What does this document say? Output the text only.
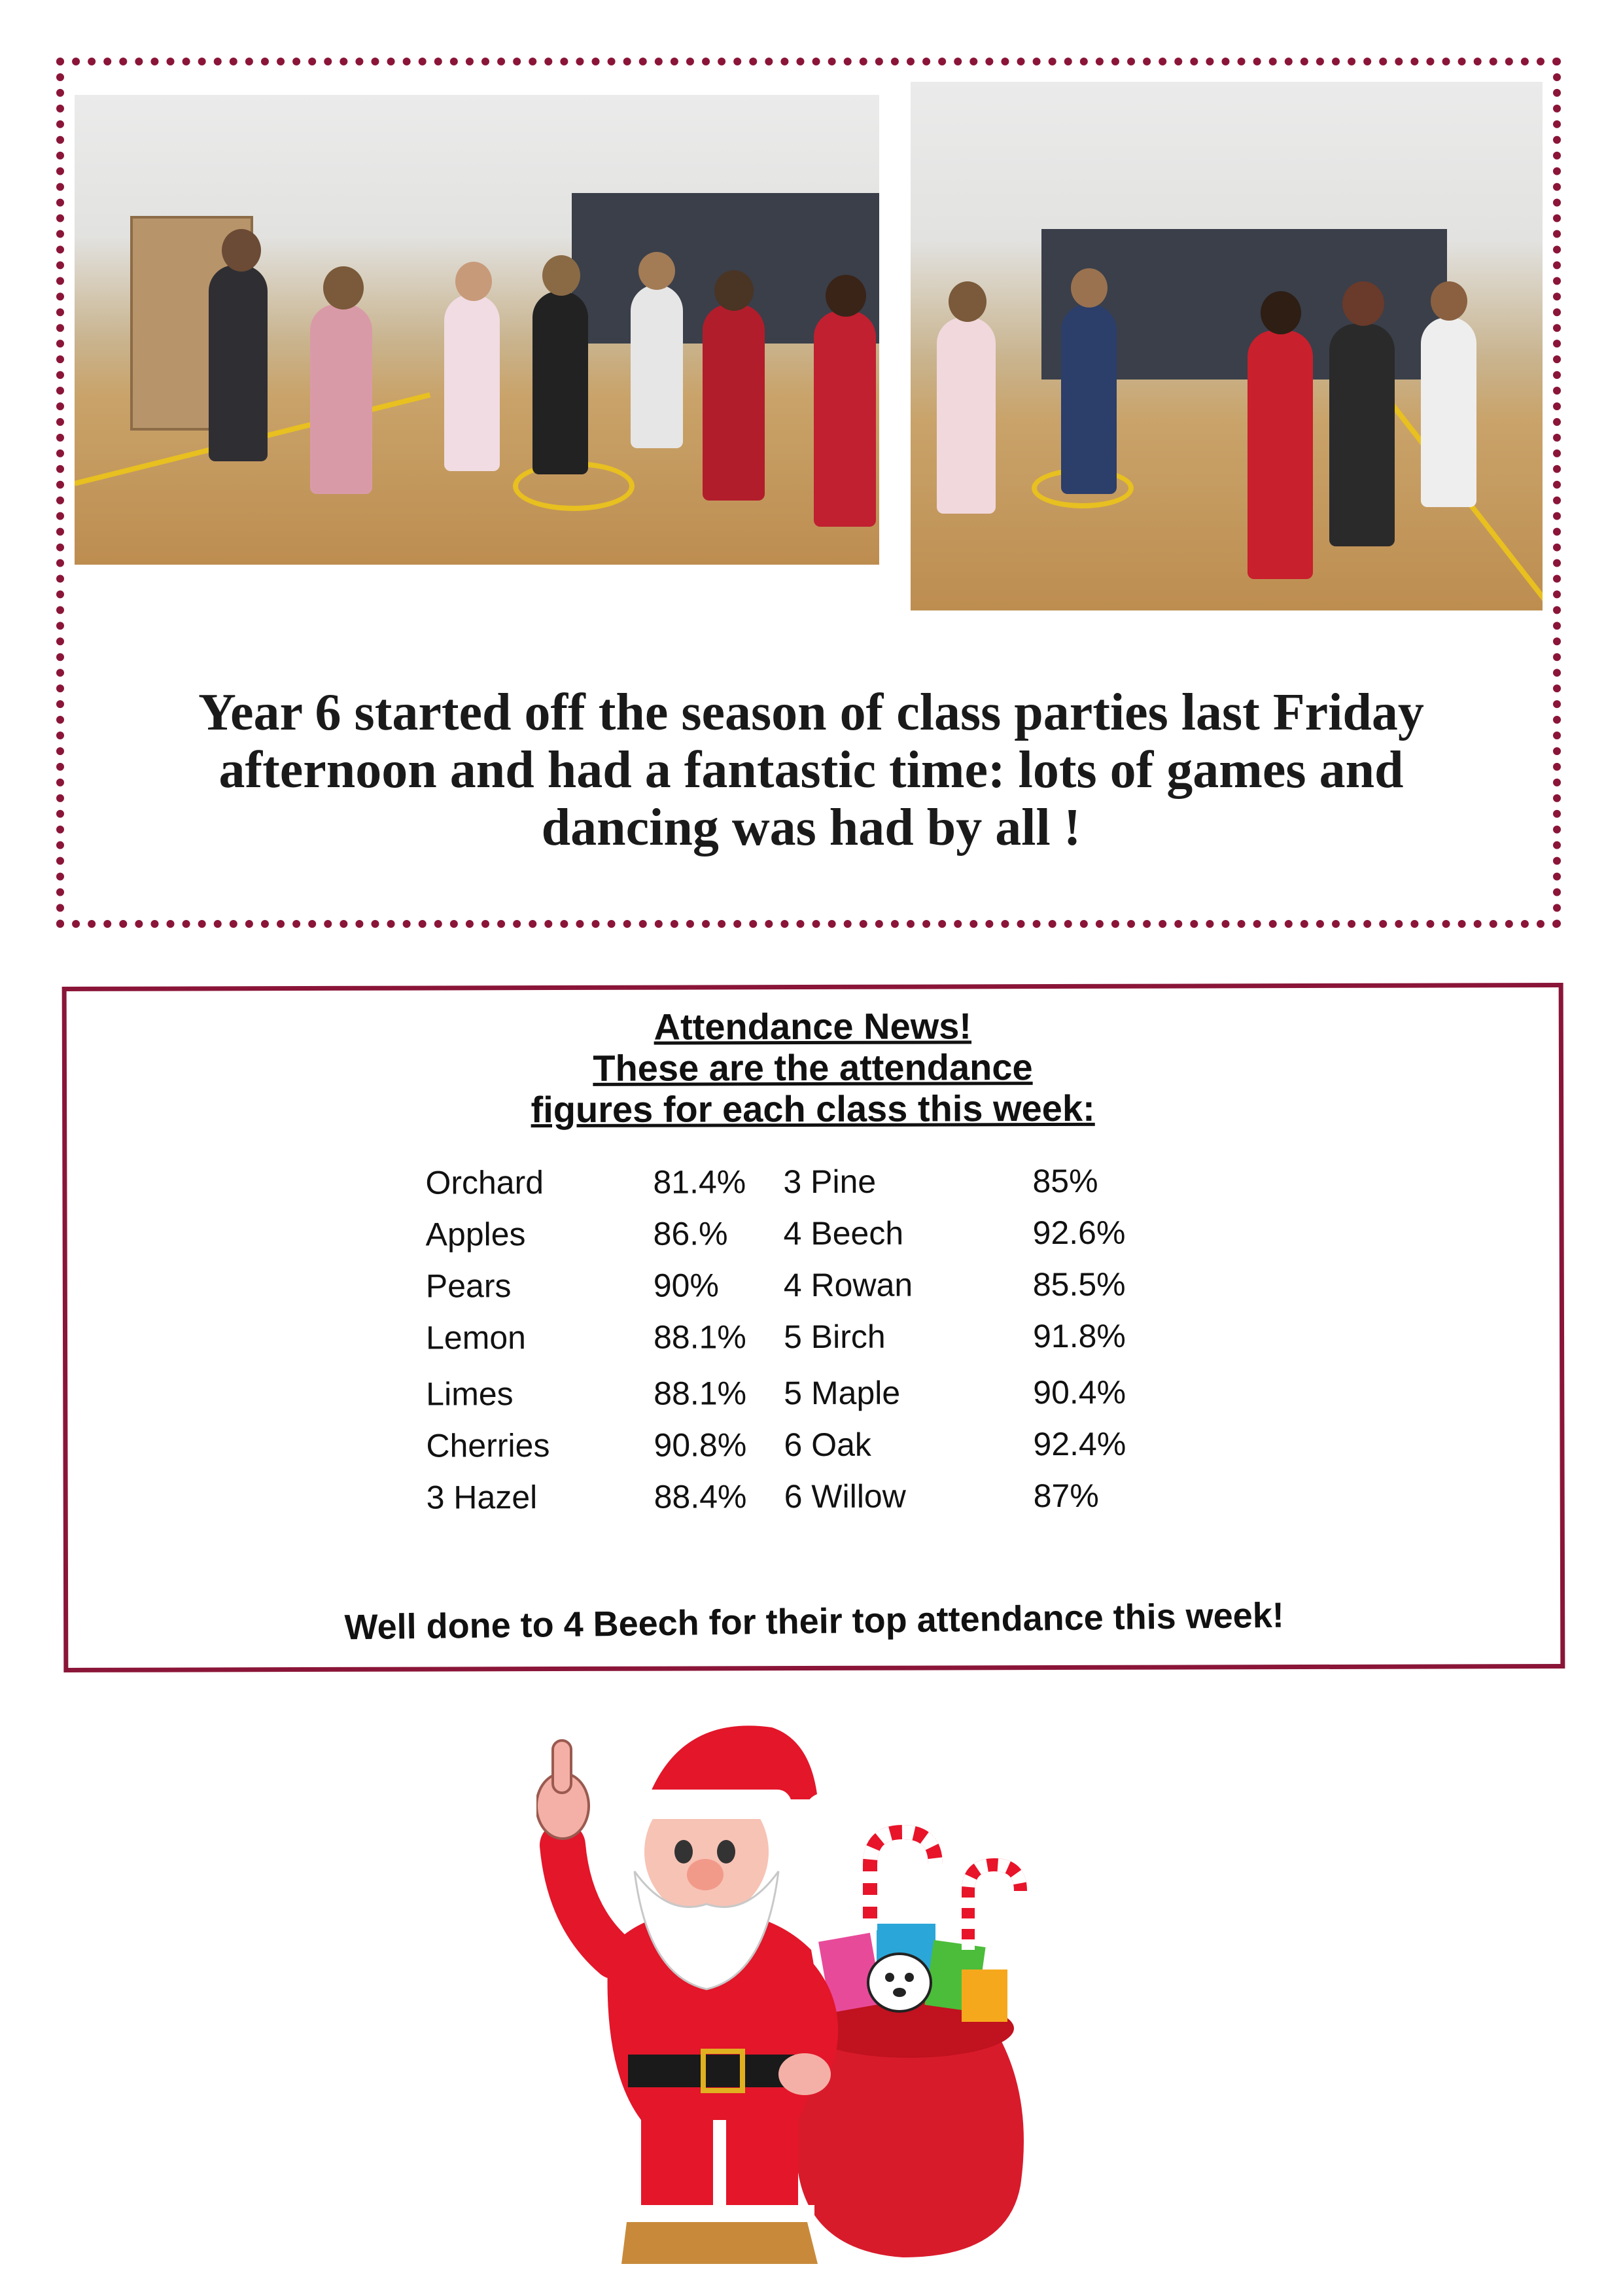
Year 6 started off the season of class parties last Friday afternoon and had a fantastic time: lots of games and dancing was had by all !
Attendance News!
These are the attendance
figures for each class this week:
Orchard	81.4% 3 Pine	85%
Apples	86.% 4 Beech	92.6%
Pears	90% 4 Rowan	85.5%
Lemon	88.1% 5 Birch	91.8%
Limes	88.1% 5 Maple	90.4%
Cherries	90.8% 6 Oak	92.4%
3 Hazel	88.4% 6 Willow	87%
Well done to 4 Beech for their top attendance this week!
